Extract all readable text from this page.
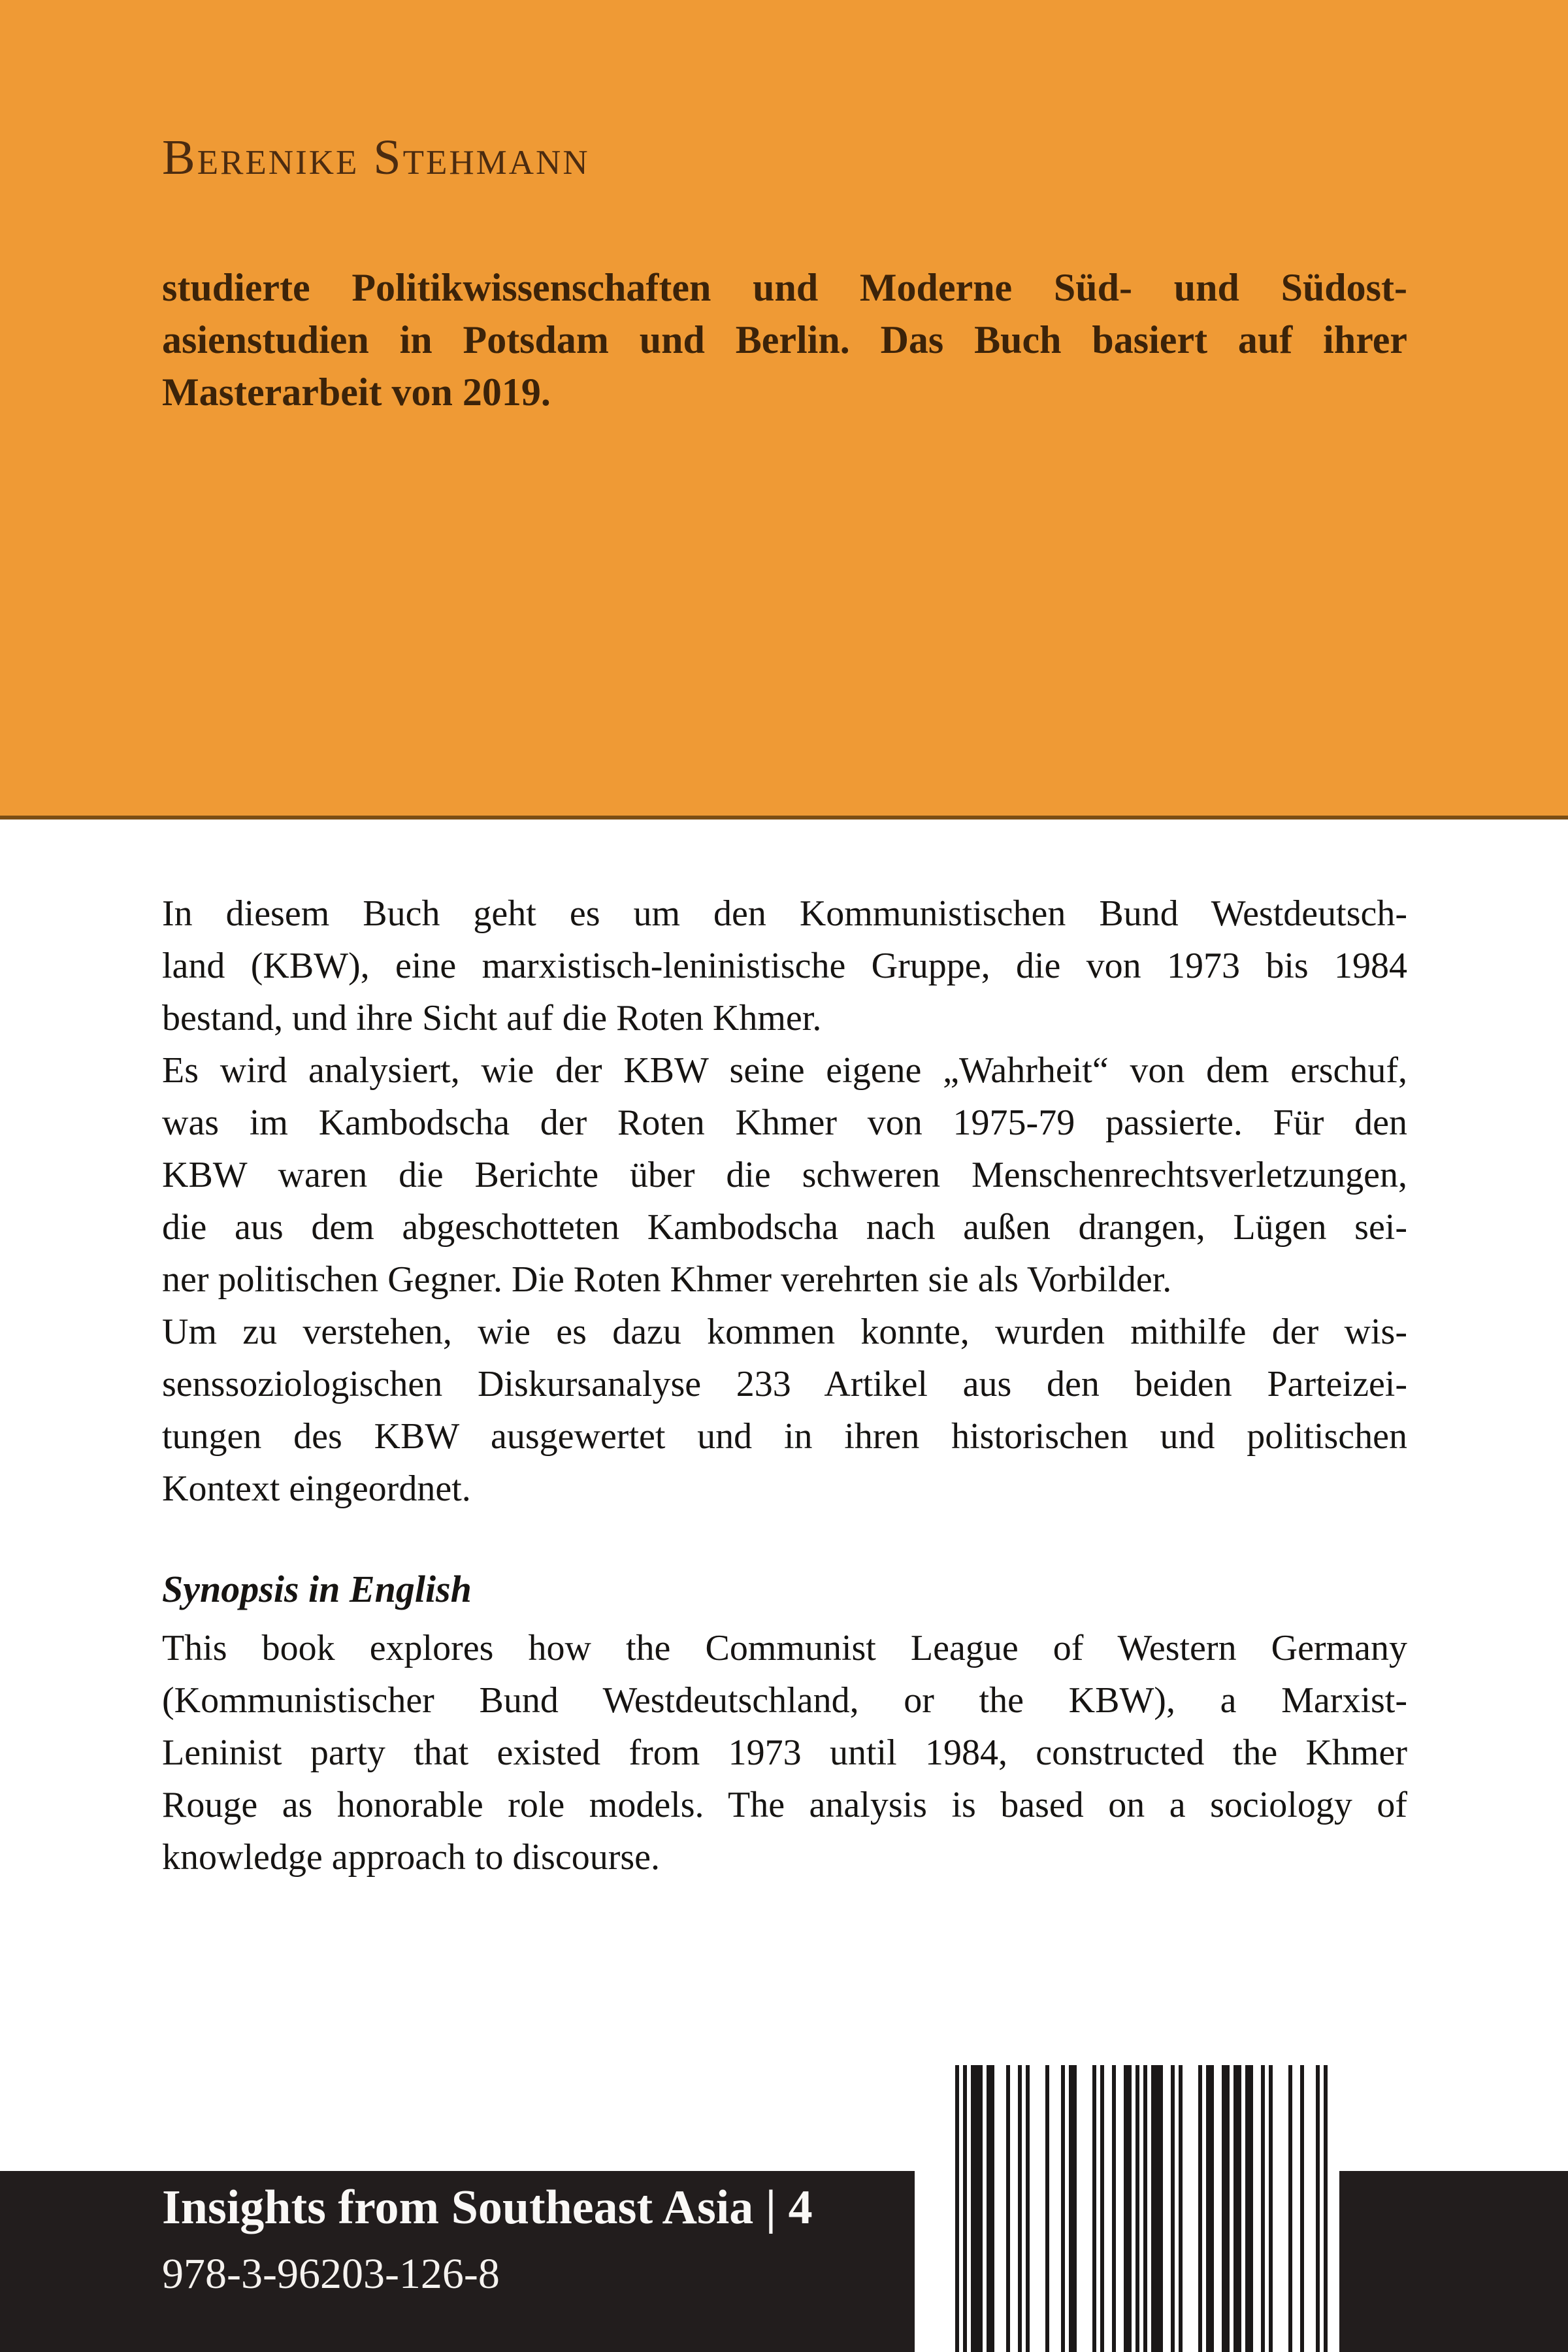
Berenike Stehmann
studierte Politikwissenschaften und Moderne Süd- und Südost-
asienstudien in Potsdam und Berlin. Das Buch basiert auf ihrer
Masterarbeit von 2019.
In diesem Buch geht es um den Kommunistischen Bund Westdeutsch-
land (KBW), eine marxistisch-leninistische Gruppe, die von 1973 bis 1984
bestand, und ihre Sicht auf die Roten Khmer.
Es wird analysiert, wie der KBW seine eigene „Wahrheit“ von dem erschuf,
was im Kambodscha der Roten Khmer von 1975-79 passierte. Für den
KBW waren die Berichte über die schweren Menschenrechtsverletzungen,
die aus dem abgeschotteten Kambodscha nach außen drangen, Lügen sei-
ner politischen Gegner. Die Roten Khmer verehrten sie als Vorbilder.
Um zu verstehen, wie es dazu kommen konnte, wurden mithilfe der wis-
senssoziologischen Diskursanalyse 233 Artikel aus den beiden Parteizei-
tungen des KBW ausgewertet und in ihren historischen und politischen
Kontext eingeordnet.
Synopsis in English
This book explores how the Communist League of Western Germany
(Kommunistischer Bund Westdeutschland, or the KBW), a Marxist-
Leninist party that existed from 1973 until 1984, constructed the Khmer
Rouge as honorable role models. The analysis is based on a sociology of
knowledge approach to discourse.
Insights from Southeast Asia | 4
978-3-96203-126-8
